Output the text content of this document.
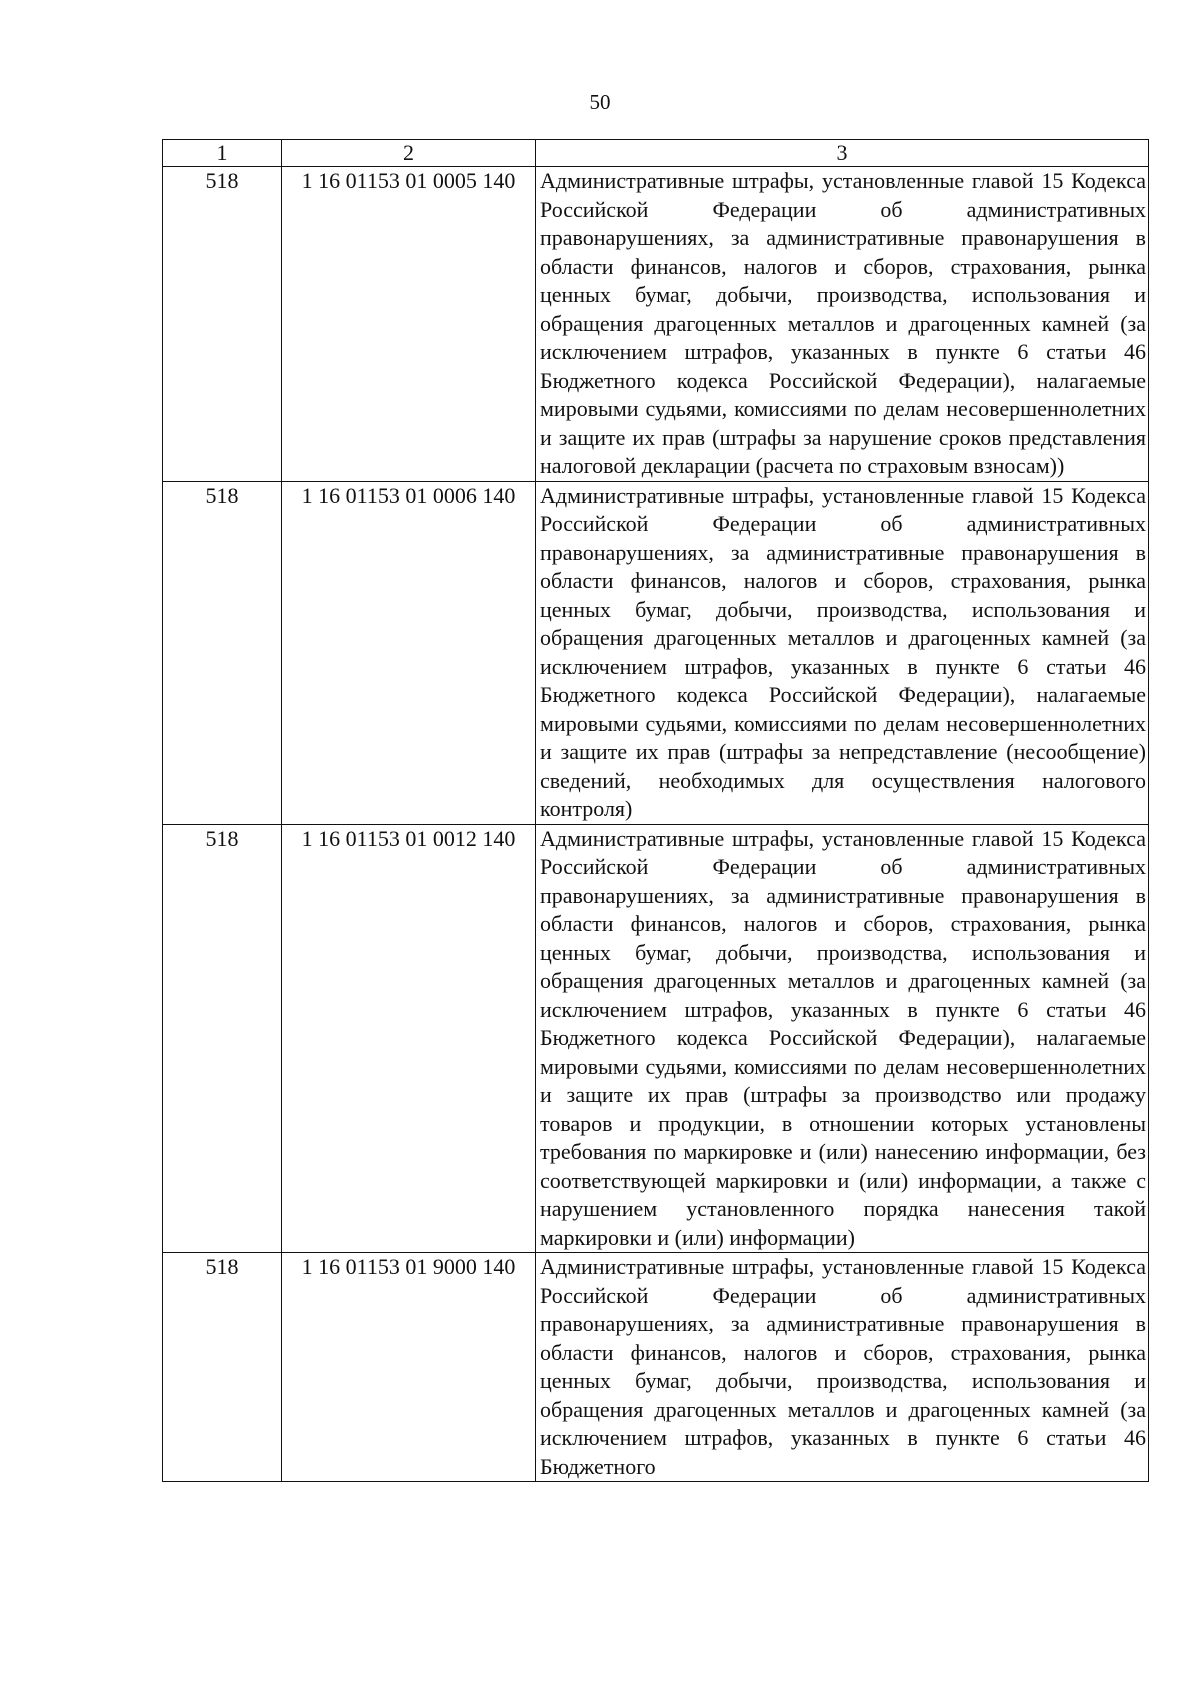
50
1	2	3
518	1 16 01153 01 0005 140	Административные штрафы, установленные главой 15 Кодекса Российской Федерации об административных правонарушениях, за административные правонарушения в области финансов, налогов и сборов, страхования, рынка ценных бумаг, добычи, производства, использования и обращения драгоценных металлов и драгоценных камней (за исключением штрафов, указанных в пункте 6 статьи 46 Бюджетного кодекса Российской Федерации), налагаемые мировыми судьями, комиссиями по делам несовершеннолетних и защите их прав (штрафы за нарушение сроков представления налоговой декларации (расчета по страховым взносам))
518	1 16 01153 01 0006 140	Административные штрафы, установленные главой 15 Кодекса Российской Федерации об административных правонарушениях, за административные правонарушения в области финансов, налогов и сборов, страхования, рынка ценных бумаг, добычи, производства, использования и обращения драгоценных металлов и драгоценных камней (за исключением штрафов, указанных в пункте 6 статьи 46 Бюджетного кодекса Российской Федерации), налагаемые мировыми судьями, комиссиями по делам несовершеннолетних и защите их прав (штрафы за непредставление (несообщение) сведений, необходимых для осуществления налогового контроля)
518	1 16 01153 01 0012 140	Административные штрафы, установленные главой 15 Кодекса Российской Федерации об административных правонарушениях, за административные правонарушения в области финансов, налогов и сборов, страхования, рынка ценных бумаг, добычи, производства, использования и обращения драгоценных металлов и драгоценных камней (за исключением штрафов, указанных в пункте 6 статьи 46 Бюджетного кодекса Российской Федерации), налагаемые мировыми судьями, комиссиями по делам несовершеннолетних и защите их прав (штрафы за производство или продажу товаров и продукции, в отношении которых установлены требования по маркировке и (или) нанесению информации, без соответствующей маркировки и (или) информации, а также с нарушением установленного порядка нанесения такой маркировки и (или) информации)
518	1 16 01153 01 9000 140	Административные штрафы, установленные главой 15 Кодекса Российской Федерации об административных правонарушениях, за административные правонарушения в области финансов, налогов и сборов, страхования, рынка ценных бумаг, добычи, производства, использования и обращения драгоценных металлов и драгоценных камней (за исключением штрафов, указанных в пункте 6 статьи 46 Бюджетного
